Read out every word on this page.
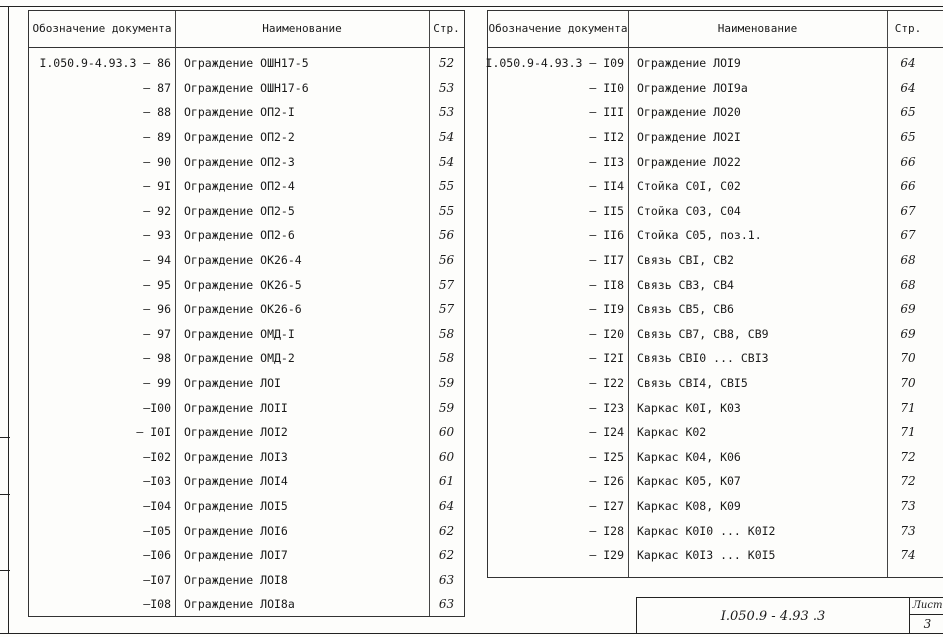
Обозначение документа	Наименование	Стр.
I.050.9-4.93.3 – 86	Ограждение ОШН17-5	52
– 87	Ограждение ОШН17-6	53
– 88	Ограждение ОП2-I	53
– 89	Ограждение ОП2-2	54
– 90	Ограждение ОП2-3	54
– 9I	Ограждение ОП2-4	55
– 92	Ограждение ОП2-5	55
– 93	Ограждение ОП2-6	56
– 94	Ограждение ОК26-4	56
– 95	Ограждение ОК26-5	57
– 96	Ограждение ОК26-6	57
– 97	Ограждение ОМД-I	58
– 98	Ограждение ОМД-2	58
– 99	Ограждение ЛОI	59
–I00	Ограждение ЛОII	59
– I0I	Ограждение ЛОI2	60
–I02	Ограждение ЛОI3	60
–I03	Ограждение ЛОI4	61
–I04	Ограждение ЛОI5	64
–I05	Ограждение ЛОI6	62
–I06	Ограждение ЛОI7	62
–I07	Ограждение ЛОI8	63
–I08	Ограждение ЛОI8а	63
Обозначение документа	Наименование	Стр.
I.050.9-4.93.3 – I09	Ограждение ЛОI9	64
– II0	Ограждение ЛОI9а	64
– III	Ограждение ЛО20	65
– II2	Ограждение ЛО2I	65
– II3	Ограждение ЛО22	66
– II4	Стойка С0I, С02	66
– II5	Стойка С03, С04	67
– II6	Стойка С05, поз.1.	67
– II7	Связь СВI, СВ2	68
– II8	Связь СВ3, СВ4	68
– II9	Связь СВ5, СВ6	69
– I20	Связь СВ7, СВ8, СВ9	69
– I2I	Связь СВI0 ... СВI3	70
– I22	Связь СВI4, СВI5	70
– I23	Каркас К0I, К03	71
– I24	Каркас К02	71
– I25	Каркас К04, К06	72
– I26	Каркас К05, К07	72
– I27	Каркас К08, К09	73
– I28	Каркас К0I0 ... К0I2	73
– I29	Каркас К0I3 ... К0I5	74
I.050.9 - 4.93 .3
Лист
3
